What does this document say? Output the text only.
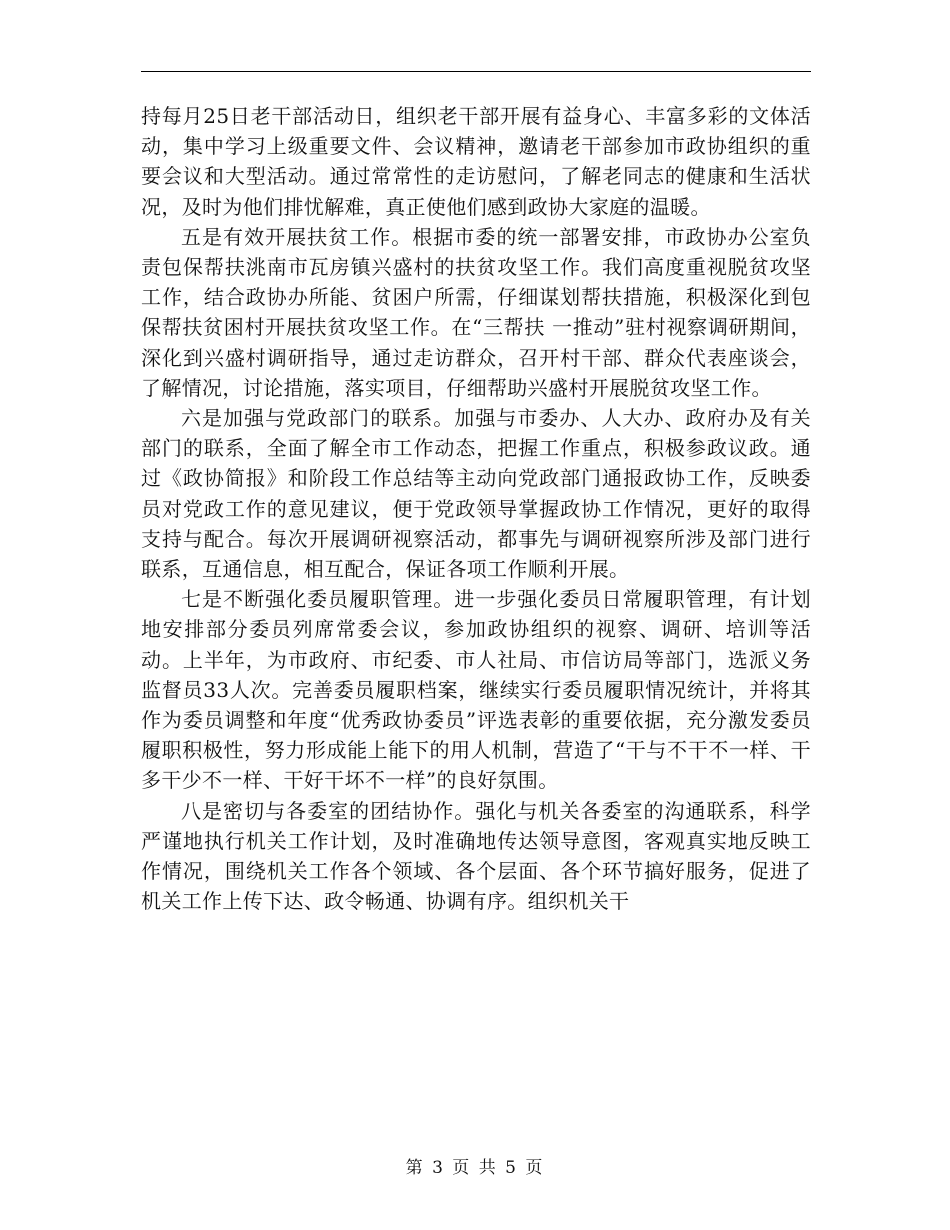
持每月25日老干部活动日，组织老干部开展有益身心、丰富多彩的文体活动，集中学习上级重要文件、会议精神，邀请老干部参加市政协组织的重要会议和大型活动。通过常常性的走访慰问，了解老同志的健康和生活状况，及时为他们排忧解难，真正使他们感到政协大家庭的温暖。

五是有效开展扶贫工作。根据市委的统一部署安排，市政协办公室负责包保帮扶洮南市瓦房镇兴盛村的扶贫攻坚工作。我们高度重视脱贫攻坚工作，结合政协办所能、贫困户所需，仔细谋划帮扶措施，积极深化到包保帮扶贫困村开展扶贫攻坚工作。在“三帮扶 一推动”驻村视察调研期间，深化到兴盛村调研指导，通过走访群众，召开村干部、群众代表座谈会，了解情况，讨论措施，落实项目，仔细帮助兴盛村开展脱贫攻坚工作。

六是加强与党政部门的联系。加强与市委办、人大办、政府办及有关部门的联系，全面了解全市工作动态，把握工作重点，积极参政议政。通过《政协简报》和阶段工作总结等主动向党政部门通报政协工作，反映委员对党政工作的意见建议，便于党政领导掌握政协工作情况，更好的取得支持与配合。每次开展调研视察活动，都事先与调研视察所涉及部门进行联系，互通信息，相互配合，保证各项工作顺利开展。

七是不断强化委员履职管理。进一步强化委员日常履职管理，有计划地安排部分委员列席常委会议，参加政协组织的视察、调研、培训等活动。上半年，为市政府、市纪委、市人社局、市信访局等部门，选派义务监督员33人次。完善委员履职档案，继续实行委员履职情况统计，并将其作为委员调整和年度“优秀政协委员”评选表彰的重要依据，充分激发委员履职积极性，努力形成能上能下的用人机制，营造了“干与不干不一样、干多干少不一样、干好干坏不一样”的良好氛围。

八是密切与各委室的团结协作。强化与机关各委室的沟通联系，科学严谨地执行机关工作计划，及时准确地传达领导意图，客观真实地反映工作情况，围绕机关工作各个领域、各个层面、各个环节搞好服务，促进了机关工作上传下达、政令畅通、协调有序。组织机关干

第 3 页 共 5 页
